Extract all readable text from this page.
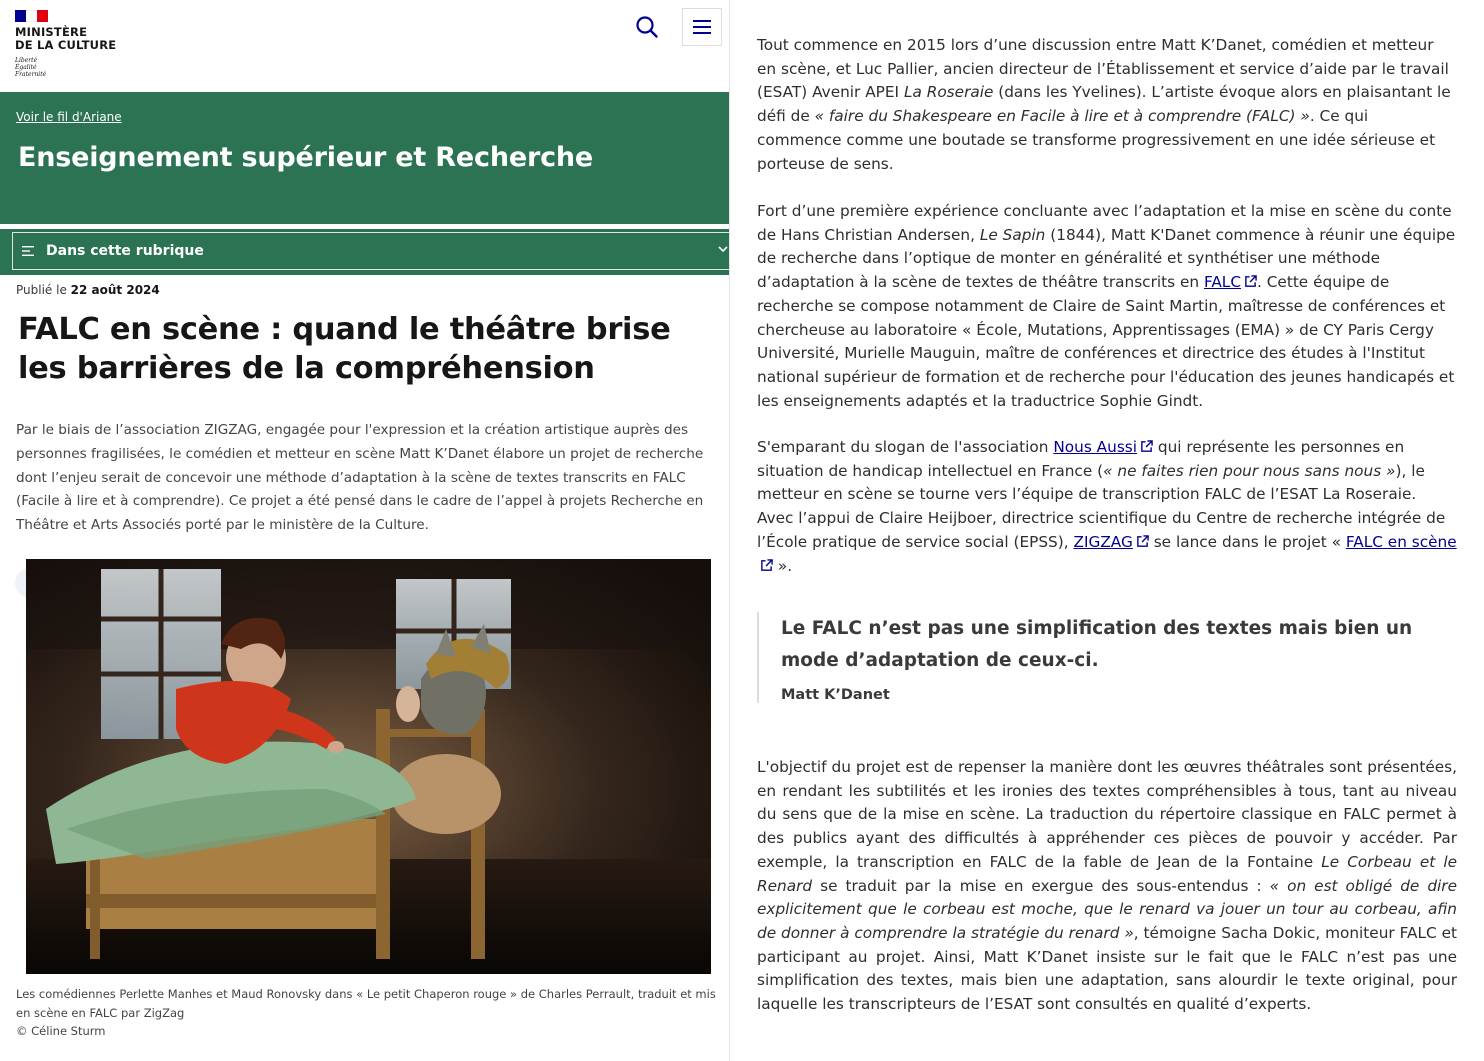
MINISTÈRE
DE LA CULTURE
Liberté
Égalité
Fraternité
Voir le fil d'Ariane
Enseignement supérieur et Recherche
Dans cette rubrique
Publié le 22 août 2024
FALC en scène : quand le théâtre brise les barrières de la compréhension

Par le biais de l’association ZIGZAG, engagée pour l'expression et la création artistique auprès des personnes fragilisées, le comédien et metteur en scène Matt K’Danet élabore un projet de recherche dont l’enjeu serait de concevoir une méthode d’adaptation à la scène de textes transcrits en FALC (Facile à lire et à comprendre). Ce projet a été pensé dans le cadre de l’appel à projets Recherche en Théâtre et Arts Associés porté par le ministère de la Culture.

Les comédiennes Perlette Manhes et Maud Ronovsky dans « Le petit Chaperon rouge » de Charles Perrault, traduit et mis en scène en FALC par ZigZag

© Céline Sturm

Tout commence en 2015 lors d’une discussion entre Matt K’Danet, comédien et metteur en scène, et Luc Pallier, ancien directeur de l’Établissement et service d’aide par le travail (ESAT) Avenir APEI La Roseraie (dans les Yvelines). L’artiste évoque alors en plaisantant le défi de « faire du Shakespeare en Facile à lire et à comprendre (FALC) ». Ce qui commence comme une boutade se transforme progressivement en une idée sérieuse et porteuse de sens.

Fort d’une première expérience concluante avec l’adaptation et la mise en scène du conte de Hans Christian Andersen, Le Sapin (1844), Matt K'Danet commence à réunir une équipe de recherche dans l’optique de monter en généralité et synthétiser une méthode d’adaptation à la scène de textes de théâtre transcrits en FALC . Cette équipe de recherche se compose notamment de Claire de Saint Martin, maîtresse de conférences et chercheuse au laboratoire « École, Mutations, Apprentissages (EMA) » de CY Paris Cergy Université, Murielle Mauguin, maître de conférences et directrice des études à l'Institut national supérieur de formation et de recherche pour l'éducation des jeunes handicapés et les enseignements adaptés et la traductrice Sophie Gindt.

S'emparant du slogan de l'association Nous Aussi qui représente les personnes en situation de handicap intellectuel en France (« ne faites rien pour nous sans nous »), le metteur en scène se tourne vers l’équipe de transcription FALC de l’ESAT La Roseraie. Avec l’appui de Claire Heijboer, directrice scientifique du Centre de recherche intégrée de l’École pratique de service social (EPSS), ZIGZAG se lance dans le projet « FALC en scène ».

Le FALC n’est pas une simplification des textes mais bien un mode d’adaptation de ceux-ci.

Matt K’Danet

L'objectif du projet est de repenser la manière dont les œuvres théâtrales sont présentées, en rendant les subtilités et les ironies des textes compréhensibles à tous, tant au niveau du sens que de la mise en scène. La traduction du répertoire classique en FALC permet à des publics ayant des difficultés à appréhender ces pièces de pouvoir y accéder. Par exemple, la transcription en FALC de la fable de Jean de la Fontaine Le Corbeau et le Renard se traduit par la mise en exergue des sous-entendus : « on est obligé de dire explicitement que le corbeau est moche, que le renard va jouer un tour au corbeau, afin de donner à comprendre la stratégie du renard », témoigne Sacha Dokic, moniteur FALC et participant au projet. Ainsi, Matt K’Danet insiste sur le fait que le FALC n’est pas une simplification des textes, mais bien une adaptation, sans alourdir le texte original, pour laquelle les transcripteurs de l’ESAT sont consultés en qualité d’experts.
